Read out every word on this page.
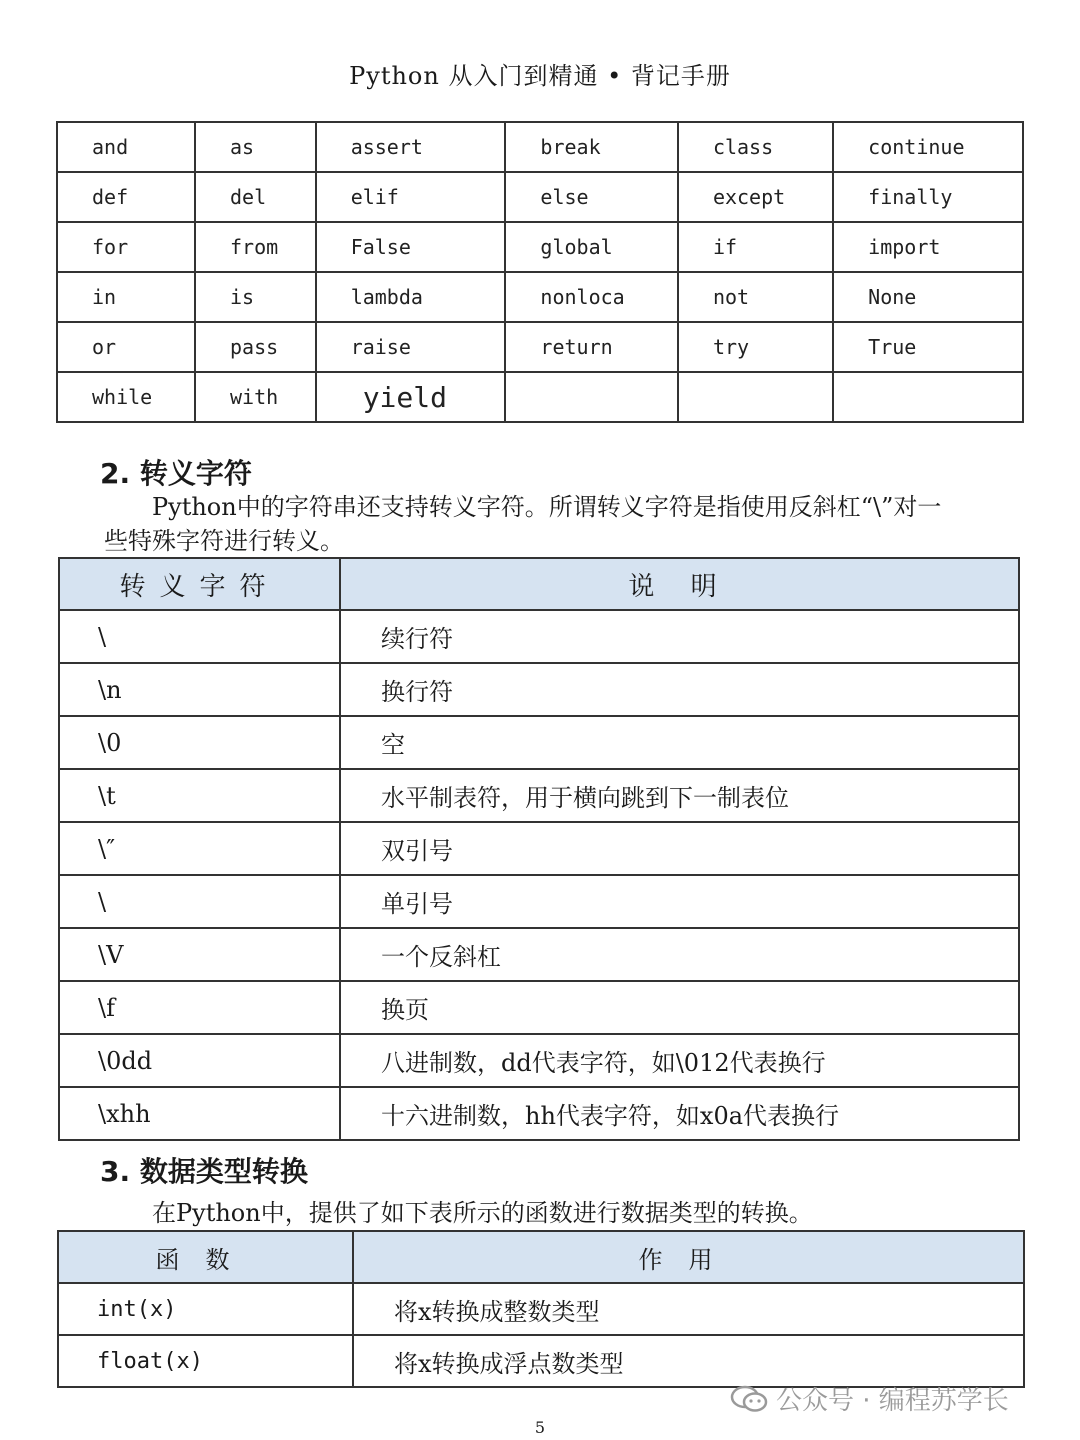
Python 从入门到精通 • 背记手册
and	as	assert	break	class	continue
def	del	elif	else	except	finally
for	from	False	global	if	import
in	is	lambda	nonloca	not	None
or	pass	raise	return	try	True
while	with	yield			
2. 转义字符
Python中的字符串还支持转义字符。所谓转义字符是指使用反斜杠“\”对一
些特殊字符进行转义。
转义字符	说 明
\	续行符
\n	换行符
\0	空
\t	水平制表符，用于横向跳到下一制表位
\″	双引号
\	单引号
\V	一个反斜杠
\f	换页
\0dd	八进制数，dd代表字符，如\012代表换行
\xhh	十六进制数，hh代表字符，如x0a代表换行
3. 数据类型转换
在Python中，提供了如下表所示的函数进行数据类型的转换。
函数	作用
int(x)	将x转换成整数类型
float(x)	将x转换成浮点数类型
公众号 · 编程苏学长
5
